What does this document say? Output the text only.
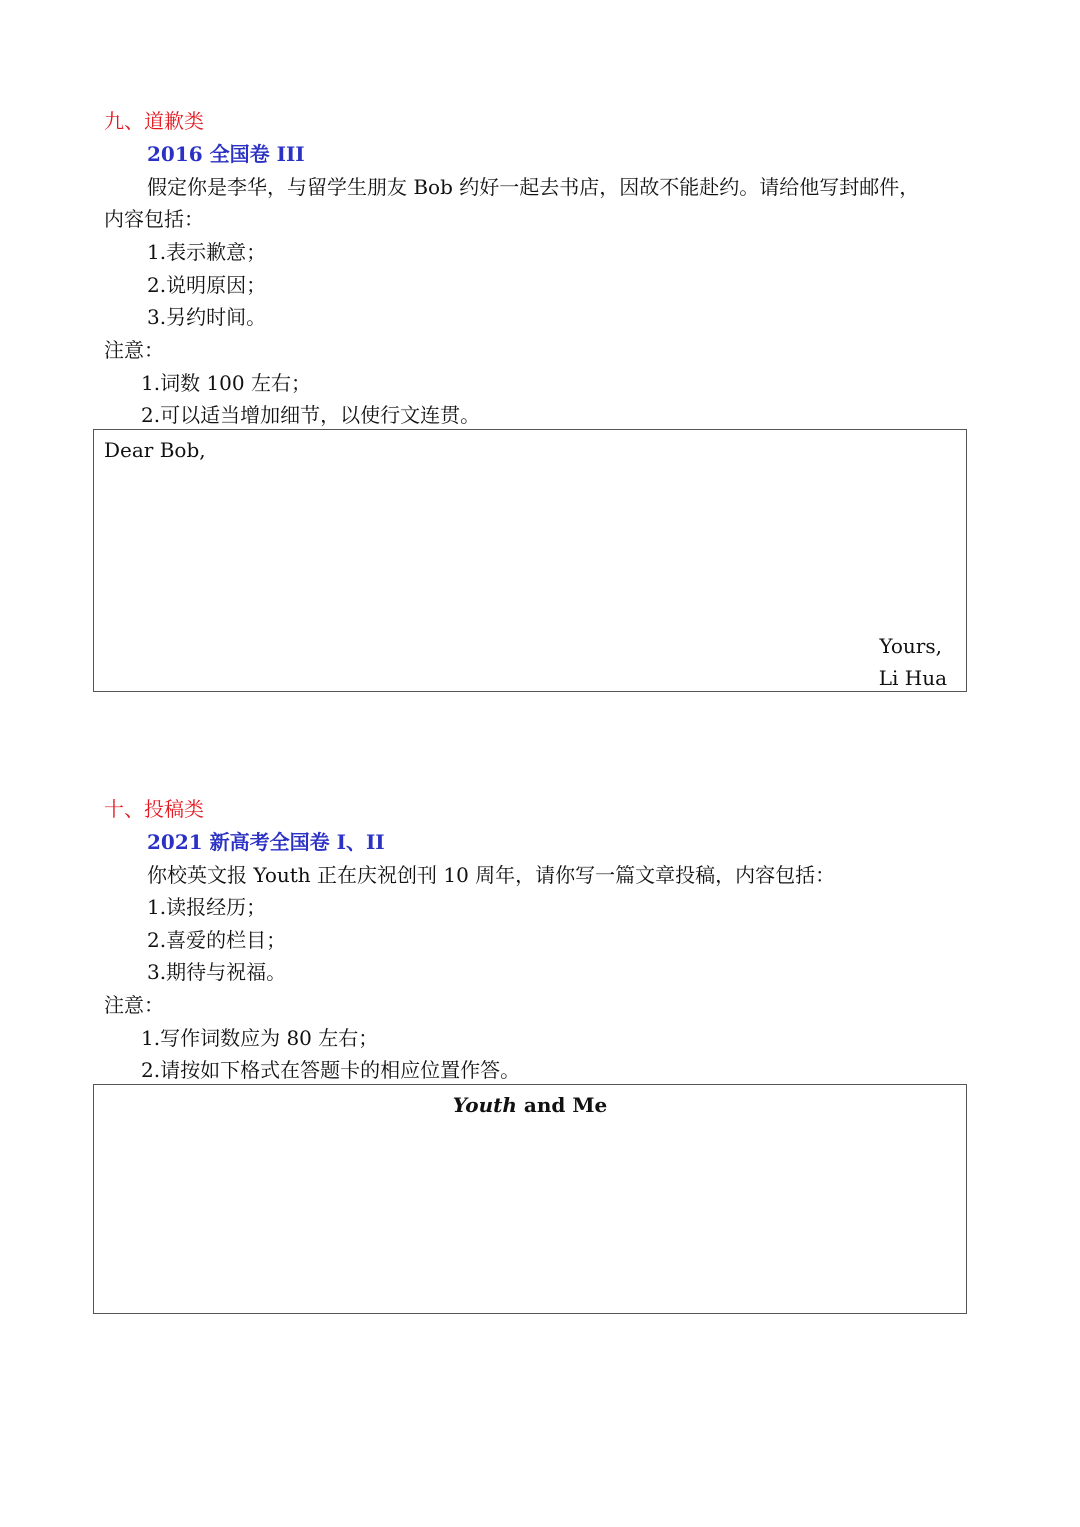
九、道歉类
2016 全国卷 III
假定你是李华，与留学生朋友 Bob 约好一起去书店，因故不能赴约。请给他写封邮件，
内容包括：
1.表示歉意；
2.说明原因；
3.另约时间。
注意：
1.词数 100 左右；
2.可以适当增加细节，以使行文连贯。
Dear Bob,
Yours,
Li Hua
十、投稿类
2021 新高考全国卷 I、II
你校英文报 Youth 正在庆祝创刊 10 周年，请你写一篇文章投稿，内容包括：
1.读报经历；
2.喜爱的栏目；
3.期待与祝福。
注意：
1.写作词数应为 80 左右；
2.请按如下格式在答题卡的相应位置作答。
Youth and Me
